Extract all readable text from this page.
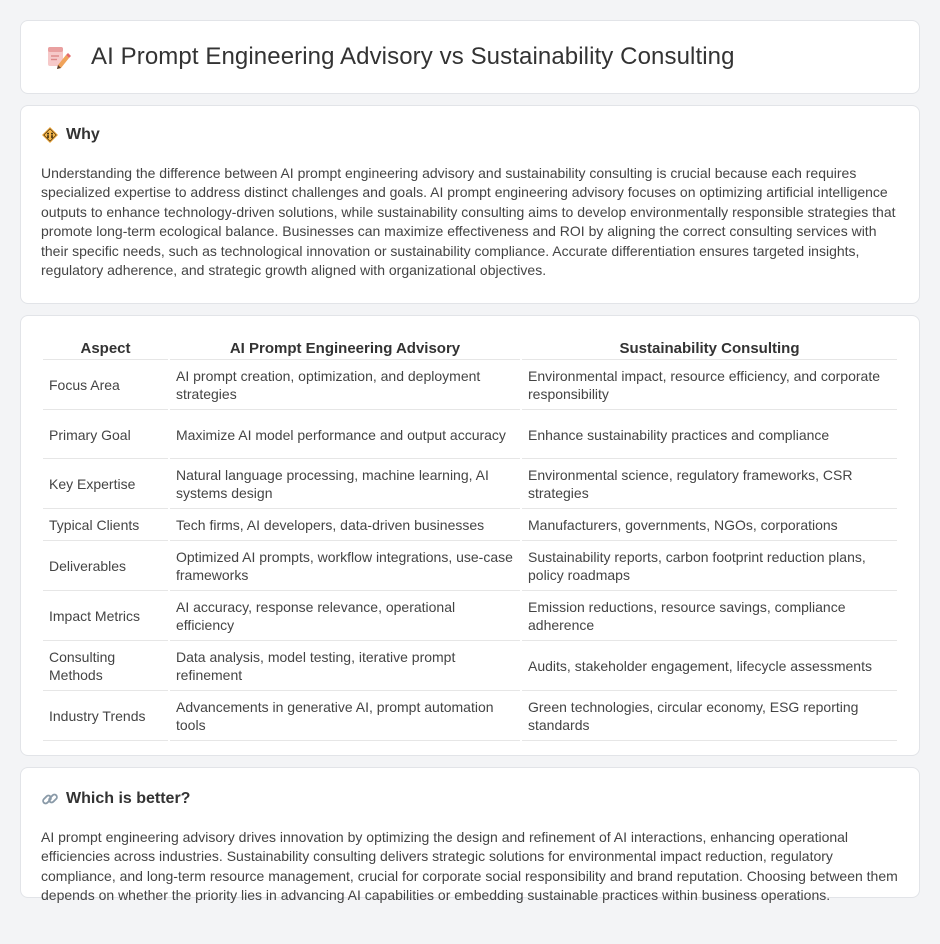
AI Prompt Engineering Advisory vs Sustainability Consulting
Why

Understanding the difference between AI prompt engineering advisory and sustainability consulting is crucial because each requires specialized expertise to address distinct challenges and goals. AI prompt engineering advisory focuses on optimizing artificial intelligence outputs to enhance technology-driven solutions, while sustainability consulting aims to develop environmentally responsible strategies that promote long-term ecological balance. Businesses can maximize effectiveness and ROI by aligning the correct consulting services with their specific needs, such as technological innovation or sustainability compliance. Accurate differentiation ensures targeted insights, regulatory adherence, and strategic growth aligned with organizational objectives.

Aspect	AI Prompt Engineering Advisory	Sustainability Consulting
Focus Area	AI prompt creation, optimization, and deployment strategies	Environmental impact, resource efficiency, and corporate responsibility
Primary Goal	Maximize AI model performance and output accuracy	Enhance sustainability practices and compliance
Key Expertise	Natural language processing, machine learning, AI systems design	Environmental science, regulatory frameworks, CSR strategies
Typical Clients	Tech firms, AI developers, data-driven businesses	Manufacturers, governments, NGOs, corporations
Deliverables	Optimized AI prompts, workflow integrations, use-case frameworks	Sustainability reports, carbon footprint reduction plans, policy roadmaps
Impact Metrics	AI accuracy, response relevance, operational efficiency	Emission reductions, resource savings, compliance adherence
Consulting Methods	Data analysis, model testing, iterative prompt refinement	Audits, stakeholder engagement, lifecycle assessments
Industry Trends	Advancements in generative AI, prompt automation tools	Green technologies, circular economy, ESG reporting standards
Which is better?

AI prompt engineering advisory drives innovation by optimizing the design and refinement of AI interactions, enhancing operational efficiencies across industries. Sustainability consulting delivers strategic solutions for environmental impact reduction, regulatory compliance, and long-term resource management, crucial for corporate social responsibility and brand reputation. Choosing between them depends on whether the priority lies in advancing AI capabilities or embedding sustainable practices within business operations.
